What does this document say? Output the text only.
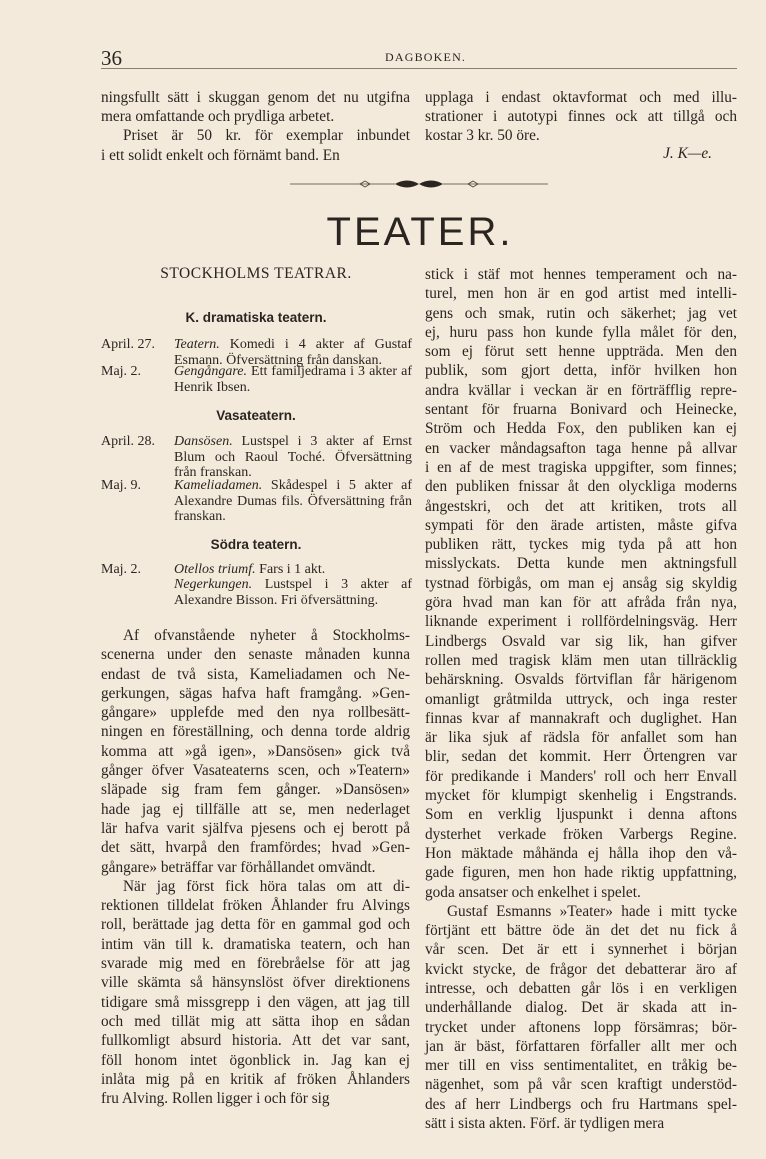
36	DAGBOKEN.

ningsfullt sätt i skuggan genom det nu utgifna

mera omfattande och prydliga arbetet.

Priset är 50 kr. för exemplar inbundet

i ett solidt enkelt och förnämt band. En

upplaga i endast oktavformat och med illu-

strationer i autotypi finnes ock att tillgå och

kostar 3 kr. 50 öre.

J. K—e.
TEATER.
STOCKHOLMS TEATRAR.
K. dramatiska teatern.
April. 27.	Teatern. Komedi i 4 akter af Gustaf Esmann. Öfversättning från danskan.
Maj. 2.	Gengångare. Ett familjedrama i 3 akter af Henrik Ibsen.
Vasateatern.
April. 28.	Dansösen. Lustspel i 3 akter af Ernst Blum och Raoul Toché. Öfversättning från franskan.
Maj. 9.	Kameliadamen. Skådespel i 5 akter af Alexandre Dumas fils. Öfversättning från franskan.
Södra teatern.
Maj. 2.	Otellos triumf. Fars i 1 akt.
Negerkungen. Lustspel i 3 akter af Alexandre Bisson. Fri öfversättning.

Af ofvanstående nyheter å Stockholms-

scenerna under den senaste månaden kunna

endast de två sista, Kameliadamen och Ne-

gerkungen, sägas hafva haft framgång. »Gen-

gångare» upplefde med den nya rollbesätt-

ningen en föreställning, och denna torde aldrig

komma att »gå igen», »Dansösen» gick två

gånger öfver Vasateaterns scen, och »Teatern»

släpade sig fram fem gånger. »Dansösen»

hade jag ej tillfälle att se, men nederlaget

lär hafva varit själfva pjesens och ej berott på

det sätt, hvarpå den framfördes; hvad »Gen-

gångare» beträffar var förhållandet omvändt.

När jag först fick höra talas om att di-

rektionen tilldelat fröken Åhlander fru Alvings

roll, berättade jag detta för en gammal god och

intim vän till k. dramatiska teatern, och han

svarade mig med en förebråelse för att jag

ville skämta så hänsynslöst öfver direktionens

tidigare små missgrepp i den vägen, att jag till

och med tillät mig att sätta ihop en sådan

fullkomligt absurd historia. Att det var sant,

föll honom intet ögonblick in. Jag kan ej

inlåta mig på en kritik af fröken Åhlanders

fru Alving. Rollen ligger i och för sig

stick i stäf mot hennes temperament och na-

turel, men hon är en god artist med intelli-

gens och smak, rutin och säkerhet; jag vet

ej, huru pass hon kunde fylla målet för den,

som ej förut sett henne uppträda. Men den

publik, som gjort detta, inför hvilken hon

andra kvällar i veckan är en förträfflig repre-

sentant för fruarna Bonivard och Heinecke,

Ström och Hedda Fox, den publiken kan ej

en vacker måndagsafton taga henne på allvar

i en af de mest tragiska uppgifter, som finnes;

den publiken fnissar åt den olyckliga moderns

ångestskri, och det att kritiken, trots all

sympati för den ärade artisten, måste gifva

publiken rätt, tyckes mig tyda på att hon

misslyckats. Detta kunde men aktningsfull

tystnad förbigås, om man ej ansåg sig skyldig

göra hvad man kan för att afråda från nya,

liknande experiment i rollfördelningsväg. Herr

Lindbergs Osvald var sig lik, han gifver

rollen med tragisk kläm men utan tillräcklig

behärskning. Osvalds förtviflan får härigenom

omanligt gråtmilda uttryck, och inga rester

finnas kvar af mannakraft och duglighet. Han

är lika sjuk af rädsla för anfallet som han

blir, sedan det kommit. Herr Örtengren var

för predikande i Manders' roll och herr Envall

mycket för klumpigt skenhelig i Engstrands.

Som en verklig ljuspunkt i denna aftons

dysterhet verkade fröken Varbergs Regine.

Hon mäktade måhända ej hålla ihop den vå-

gade figuren, men hon hade riktig uppfattning,

goda ansatser och enkelhet i spelet.

Gustaf Esmanns »Teater» hade i mitt tycke

förtjänt ett bättre öde än det det nu fick å

vår scen. Det är ett i synnerhet i början

kvickt stycke, de frågor det debatterar äro af

intresse, och debatten går lös i en verkligen

underhållande dialog. Det är skada att in-

trycket under aftonens lopp försämras; bör-

jan är bäst, författaren förfaller allt mer och

mer till en viss sentimentalitet, en tråkig be-

nägenhet, som på vår scen kraftigt understöd-

des af herr Lindbergs och fru Hartmans spel-

sätt i sista akten. Förf. är tydligen mera
